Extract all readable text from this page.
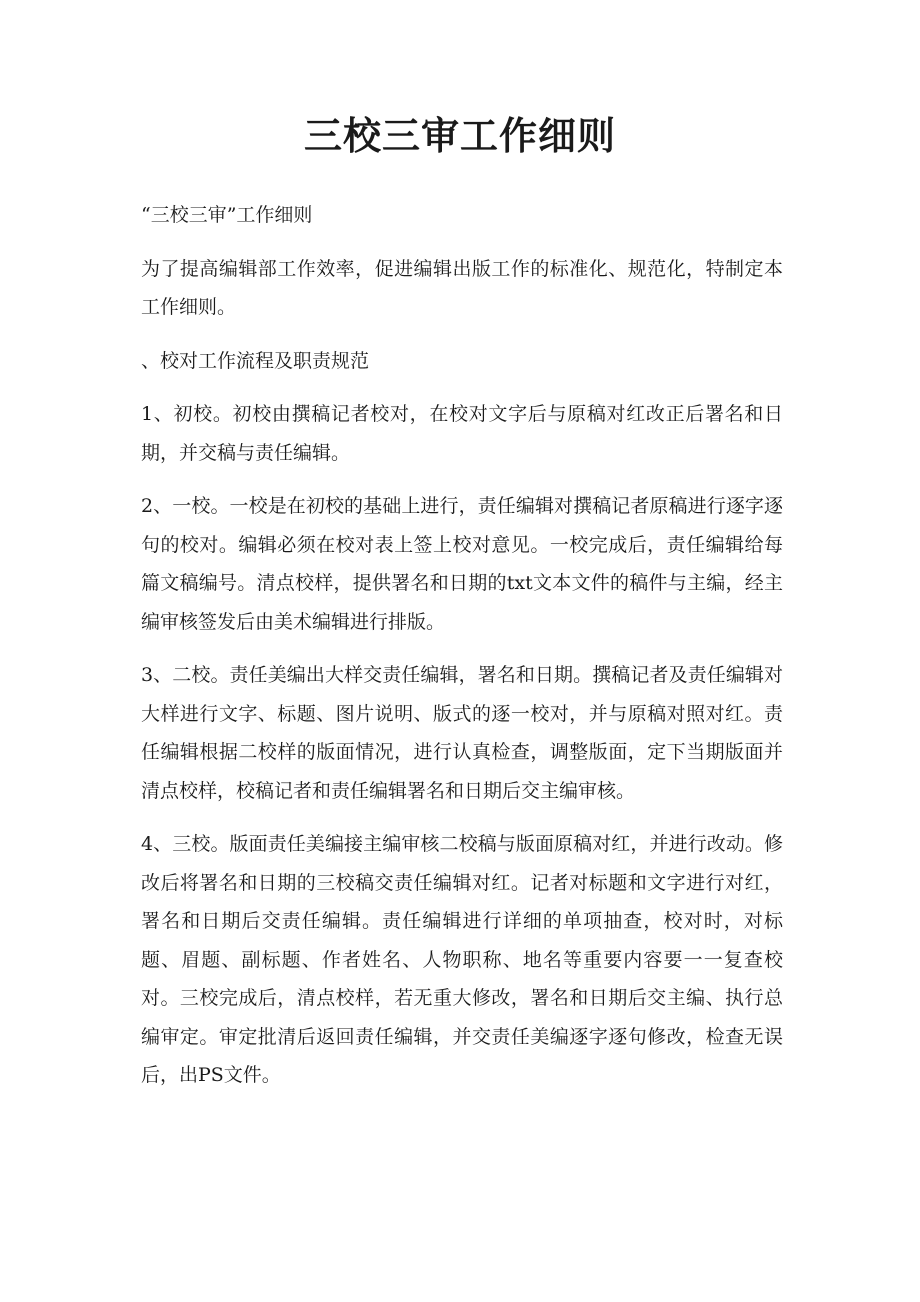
三校三审工作细则

“三校三审”工作细则

为了提高编辑部工作效率，促进编辑出版工作的标准化、规范化，特制定本工作细则。

、校对工作流程及职责规范

1、初校。初校由撰稿记者校对，在校对文字后与原稿对红改正后署名和日期，并交稿与责任编辑。

2、一校。一校是在初校的基础上进行，责任编辑对撰稿记者原稿进行逐字逐句的校对。编辑必须在校对表上签上校对意见。一校完成后，责任编辑给每篇文稿编号。清点校样，提供署名和日期的txt文本文件的稿件与主编，经主编审核签发后由美术编辑进行排版。

3、二校。责任美编出大样交责任编辑，署名和日期。撰稿记者及责任编辑对大样进行文字、标题、图片说明、版式的逐一校对，并与原稿对照对红。责任编辑根据二校样的版面情况，进行认真检查，调整版面，定下当期版面并清点校样，校稿记者和责任编辑署名和日期后交主编审核。

4、三校。版面责任美编接主编审核二校稿与版面原稿对红，并进行改动。修改后将署名和日期的三校稿交责任编辑对红。记者对标题和文字进行对红，署名和日期后交责任编辑。责任编辑进行详细的单项抽查，校对时，对标题、眉题、副标题、作者姓名、人物职称、地名等重要内容要一一复查校对。三校完成后，清点校样，若无重大修改，署名和日期后交主编、执行总编审定。审定批清后返回责任编辑，并交责任美编逐字逐句修改，检查无误后，出PS文件。
